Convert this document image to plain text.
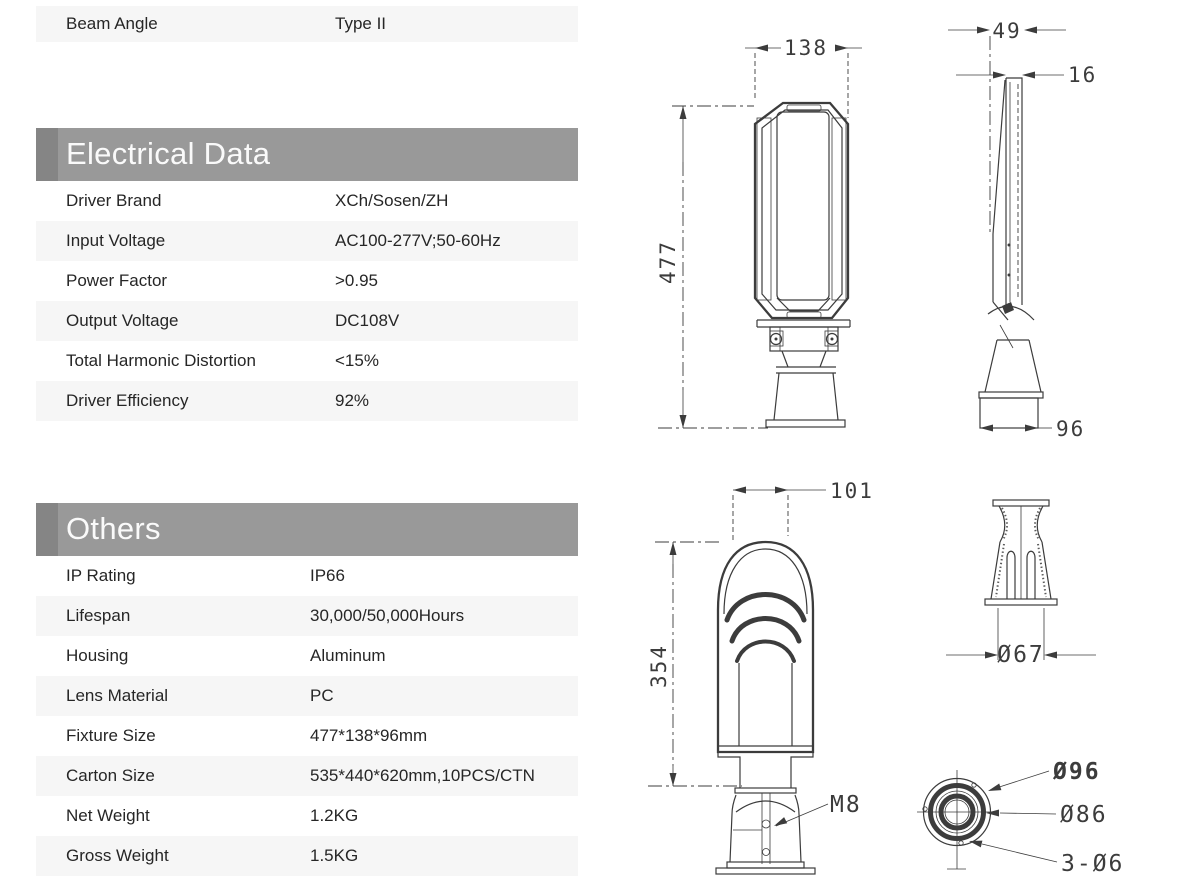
Beam Angle	Type II
Electrical Data
Driver Brand	XCh/Sosen/ZH
Input Voltage	AC100-277V;50-60Hz
Power Factor	>0.95
Output Voltage	DC108V
Total Harmonic Distortion	<15%
Driver Efficiency	92%
Others
IP Rating	IP66
Lifespan	30,000/50,000Hours
Housing	Aluminum
Lens Material	PC
Fixture Size	477*138*96mm
Carton Size	535*440*620mm,10PCS/CTN
Net Weight	1.2KG
Gross Weight	1.5KG
138
477
49
16
96
101
354
M8
Ø67
Ø96
Ø86
3-Ø6
